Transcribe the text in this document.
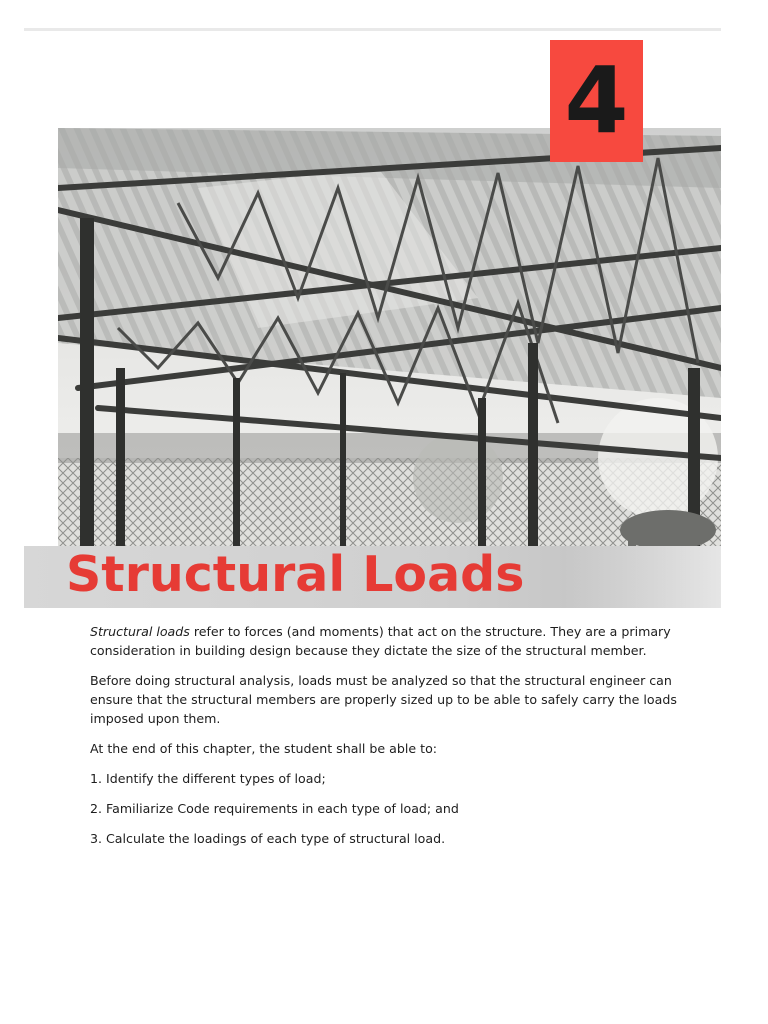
4
Structural Loads

Structural loads refer to forces (and moments) that act on the structure. They are a primary consideration in building design because they dictate the size of the structural member.

Before doing structural analysis, loads must be analyzed so that the structural engineer can ensure that the structural members are properly sized up to be able to safely carry the loads imposed upon them.

At the end of this chapter, the student shall be able to:

1. Identify the different types of load;

2. Familiarize Code requirements in each type of load; and

3. Calculate the loadings of each type of structural load.
